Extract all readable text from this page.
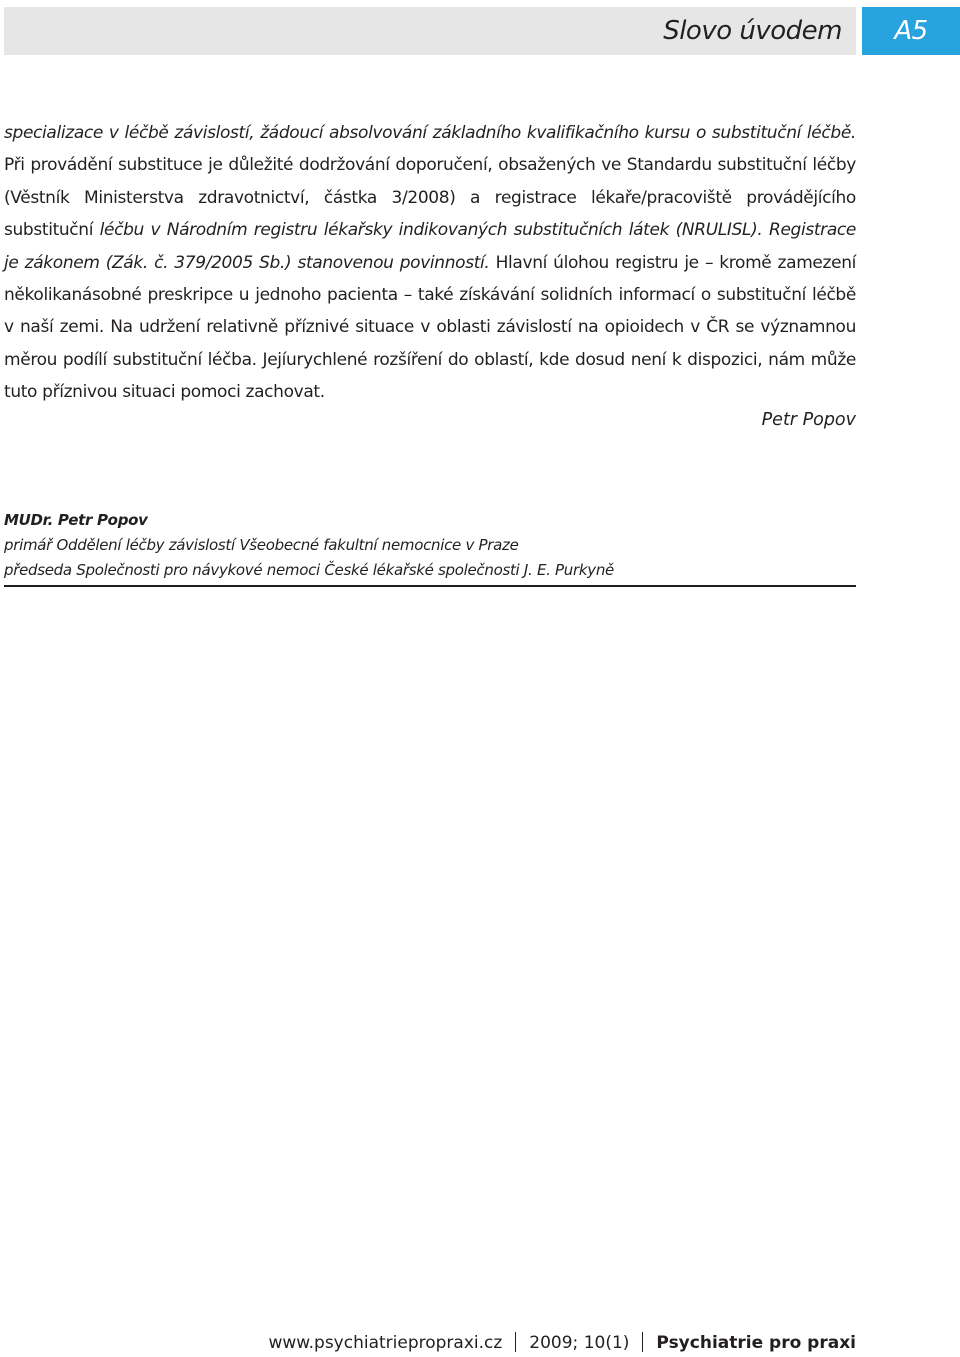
Slovo úvodem	A5

specializace v léčbě závislostí, žádoucí absolvování základního kvalifikačního kursu o substituční léčbě. Při provádění substituce je důležité dodržování doporučení, obsažených ve Standardu substituční léčby (Věstník Ministerstva zdravotnictví, částka 3/2008) a registrace lékaře/pracoviště provádějícího substituční léčbu v Národním registru lékařsky indikovaných substitučních látek (NRULISL). Registrace je zákonem (Zák. č. 379/2005 Sb.) stanovenou povinností. Hlavní úlohou registru je – kromě zamezení několikanásobné preskripce u jednoho pacienta – také získávání solidních informací o substituční léčbě v naší zemi. Na udržení relativně příznivé situace v oblasti závislostí na opioidech v ČR se významnou měrou podílí substituční léčba. Jejíurychlené rozšíření do oblastí, kde dosud není k dispozici, nám může tuto příznivou situaci pomoci zachovat.

Petr Popov
MUDr. Petr Popov
primář Oddělení léčby závislostí Všeobecné fakultní nemocnice v Praze
předseda Společnosti pro návykové nemoci České lékařské společnosti J. E. Purkyně
www.psychiatriepropraxi.cz 2009; 10(1) Psychiatrie pro praxi
